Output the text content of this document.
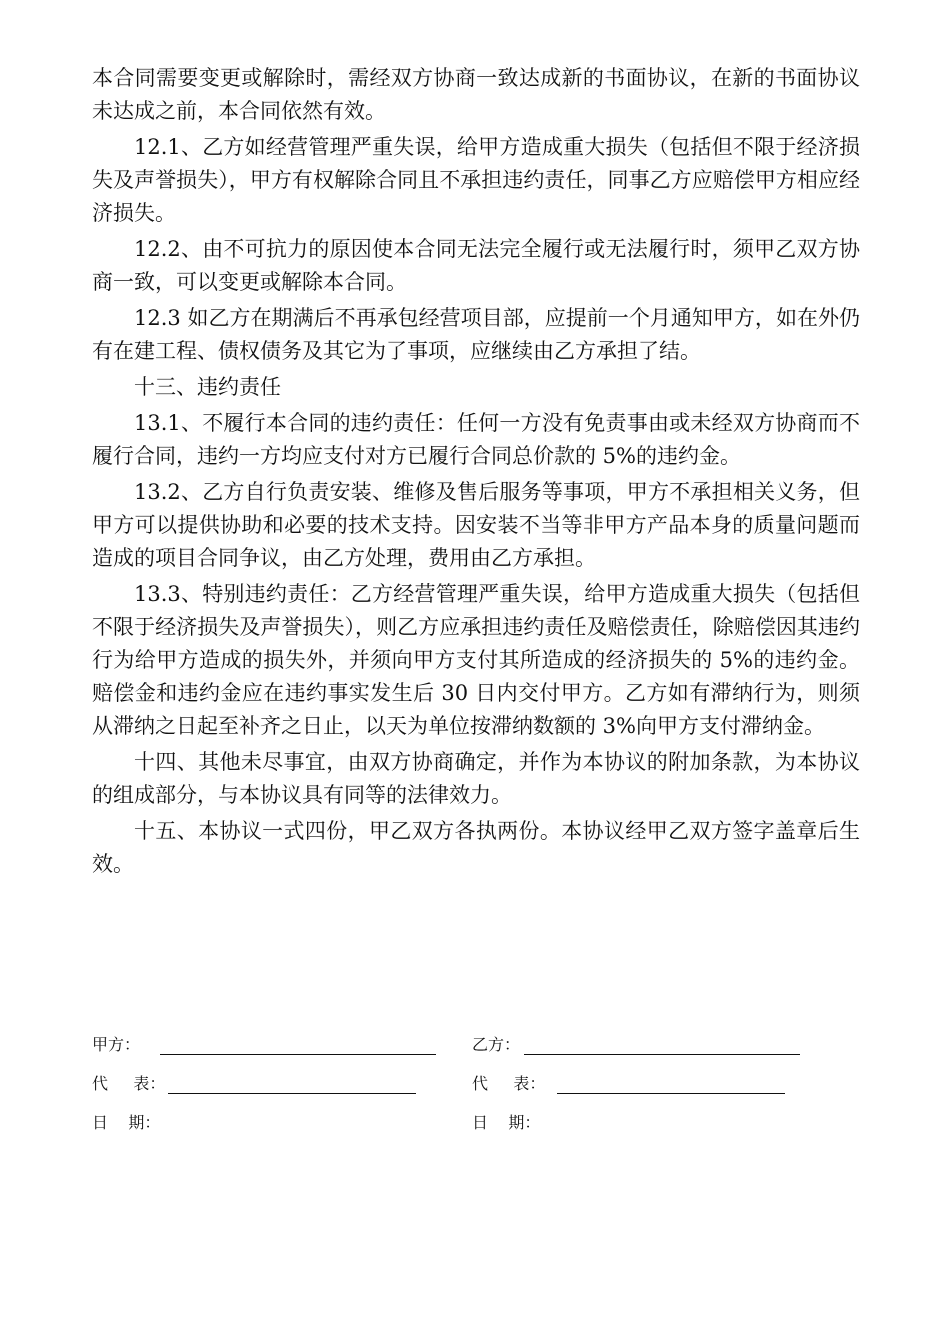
本合同需要变更或解除时，需经双方协商一致达成新的书面协议，在新的书面协议未达成之前，本合同依然有效。

12.1、乙方如经营管理严重失误，给甲方造成重大损失（包括但不限于经济损失及声誉损失），甲方有权解除合同且不承担违约责任，同事乙方应赔偿甲方相应经济损失。

12.2、由不可抗力的原因使本合同无法完全履行或无法履行时，须甲乙双方协商一致，可以变更或解除本合同。

12.3 如乙方在期满后不再承包经营项目部，应提前一个月通知甲方，如在外仍有在建工程、债权债务及其它为了事项，应继续由乙方承担了结。

十三、违约责任

13.1、不履行本合同的违约责任：任何一方没有免责事由或未经双方协商而不履行合同，违约一方均应支付对方已履行合同总价款的 5%的违约金。

13.2、乙方自行负责安装、维修及售后服务等事项，甲方不承担相关义务，但甲方可以提供协助和必要的技术支持。因安装不当等非甲方产品本身的质量问题而造成的项目合同争议，由乙方处理，费用由乙方承担。

13.3、特别违约责任：乙方经营管理严重失误，给甲方造成重大损失（包括但不限于经济损失及声誉损失），则乙方应承担违约责任及赔偿责任，除赔偿因其违约行为给甲方造成的损失外，并须向甲方支付其所造成的经济损失的 5%的违约金。赔偿金和违约金应在违约事实发生后 30 日内交付甲方。乙方如有滞纳行为，则须从滞纳之日起至补齐之日止，以天为单位按滞纳数额的 3%向甲方支付滞纳金。

十四、其他未尽事宜，由双方协商确定，并作为本协议的附加条款，为本协议的组成部分，与本协议具有同等的法律效力。

十五、本协议一式四份，甲乙双方各执两份。本协议经甲乙双方签字盖章后生效。

甲方：	乙方：
代     表：	代     表：
日    期：	日    期：
